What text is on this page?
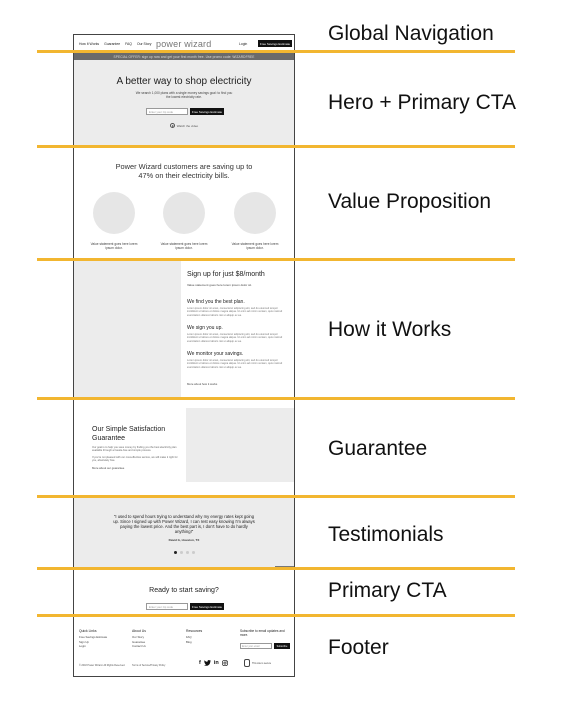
How It Works Guarantee FAQ Our Story power wizard	Login	Free Savings Estimate
SPECIAL OFFER: sign up now and get your first month free. Use promo code: WIZARDFREE
A better way to shop electricity
We search 1,000 plans with a single money savings goal: to find you the lowest electricity rate.
Enter your zip code	Free Savings Estimate
Watch the video
Power Wizard customers are saving up to 47% on their electricity bills.
Value statement goes here lorem ipsum dolor.
Value statement goes here lorem ipsum dolor.
Value statement goes here lorem ipsum dolor.
Sign up for just $8/month
Value statement goes here lorem ipsum dolor sit.
We find you the best plan.
Lorem ipsum dolor sit amet, consectetur adipiscing elit, sed do eiusmod tempor incididunt ut labore et dolore magna aliqua. Ut enim ad minim veniam, quis nostrud exercitation ullamco laboris nisi ut aliquip ex ea.
We sign you up.
Lorem ipsum dolor sit amet, consectetur adipiscing elit, sed do eiusmod tempor incididunt ut labore et dolore magna aliqua. Ut enim ad minim veniam, quis nostrud exercitation ullamco laboris nisi ut aliquip ex ea.
We monitor your savings.
Lorem ipsum dolor sit amet, consectetur adipiscing elit, sed do eiusmod tempor incididunt ut labore et dolore magna aliqua. Ut enim ad minim veniam, quis nostrud exercitation ullamco laboris nisi ut aliquip ex ea.
More about how it works
Our Simple Satisfaction Guarantee
Our goal is to help you save money by finding you the best electricity plan available through a hassle-free and simple process.
If you're not pleased with our cost-effective service, we will make it right for you, absolutely free.
More about our guarantee
"I used to spend hours trying to understand why my energy rates kept going up. Since I signed up with Power Wizard, I can rest easy knowing I'm always paying the lowest price. And the best part is, I don't have to do hardly anything!"
David G, Houston, TX
Ready to start saving?
Enter your zip code	Free Savings Estimate
Quick Links
Free Savings Estimate
Sign Up
Login
About Us
Our Story
Guarantee
Contact Us
Resources
FAQ
Blog
Subscribe to email updates and more.
Enter your email	Subscribe
f in	This site is secure
© 2018 Power Wizard. All Rights Reserved.	Terms of Service/Privacy Policy
Global Navigation
Hero + Primary CTA
Value Proposition
How it Works
Guarantee
Testimonials
Primary CTA
Footer
